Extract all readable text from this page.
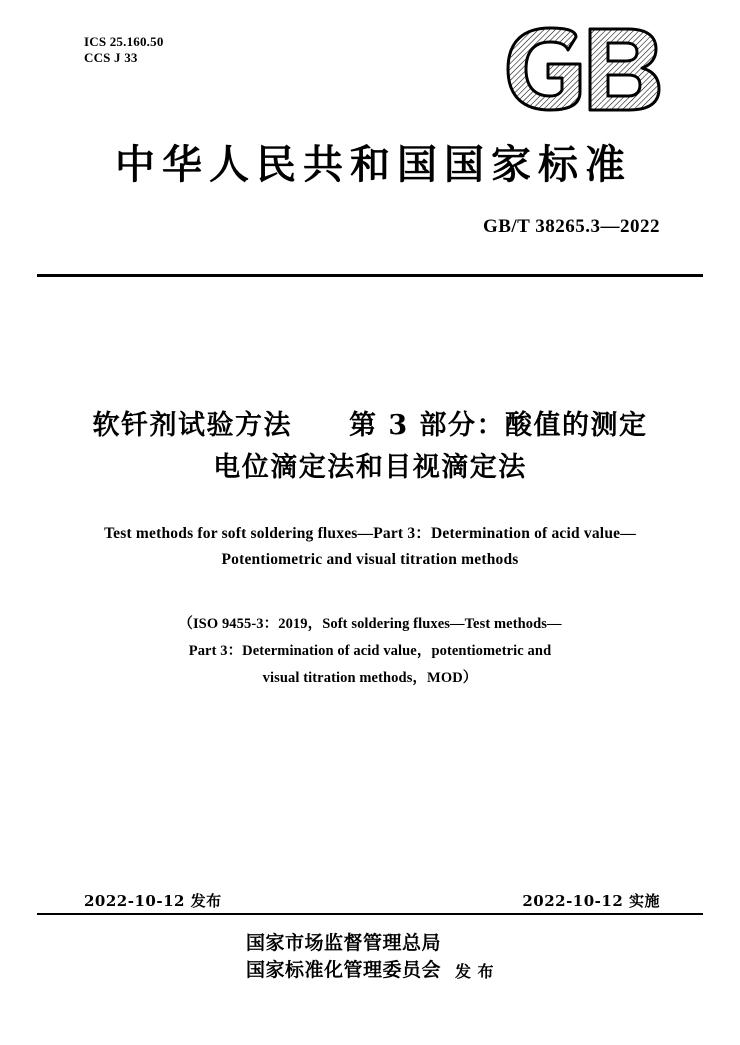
ICS 25.160.50
CCS J 33
中华人民共和国国家标准
GB/T 38265.3—2022
软钎剂试验方法　　第 3 部分：酸值的测定
电位滴定法和目视滴定法
Test methods for soft soldering fluxes—Part 3：Determination of acid value—
Potentiometric and visual titration methods
（ISO 9455-3：2019，Soft soldering fluxes—Test methods—
Part 3：Determination of acid value，potentiometric and
visual titration methods，MOD）
2022-10-12 发布	2022-10-12 实施
国家市场监督管理总局
国家标准化管理委员会 发 布
